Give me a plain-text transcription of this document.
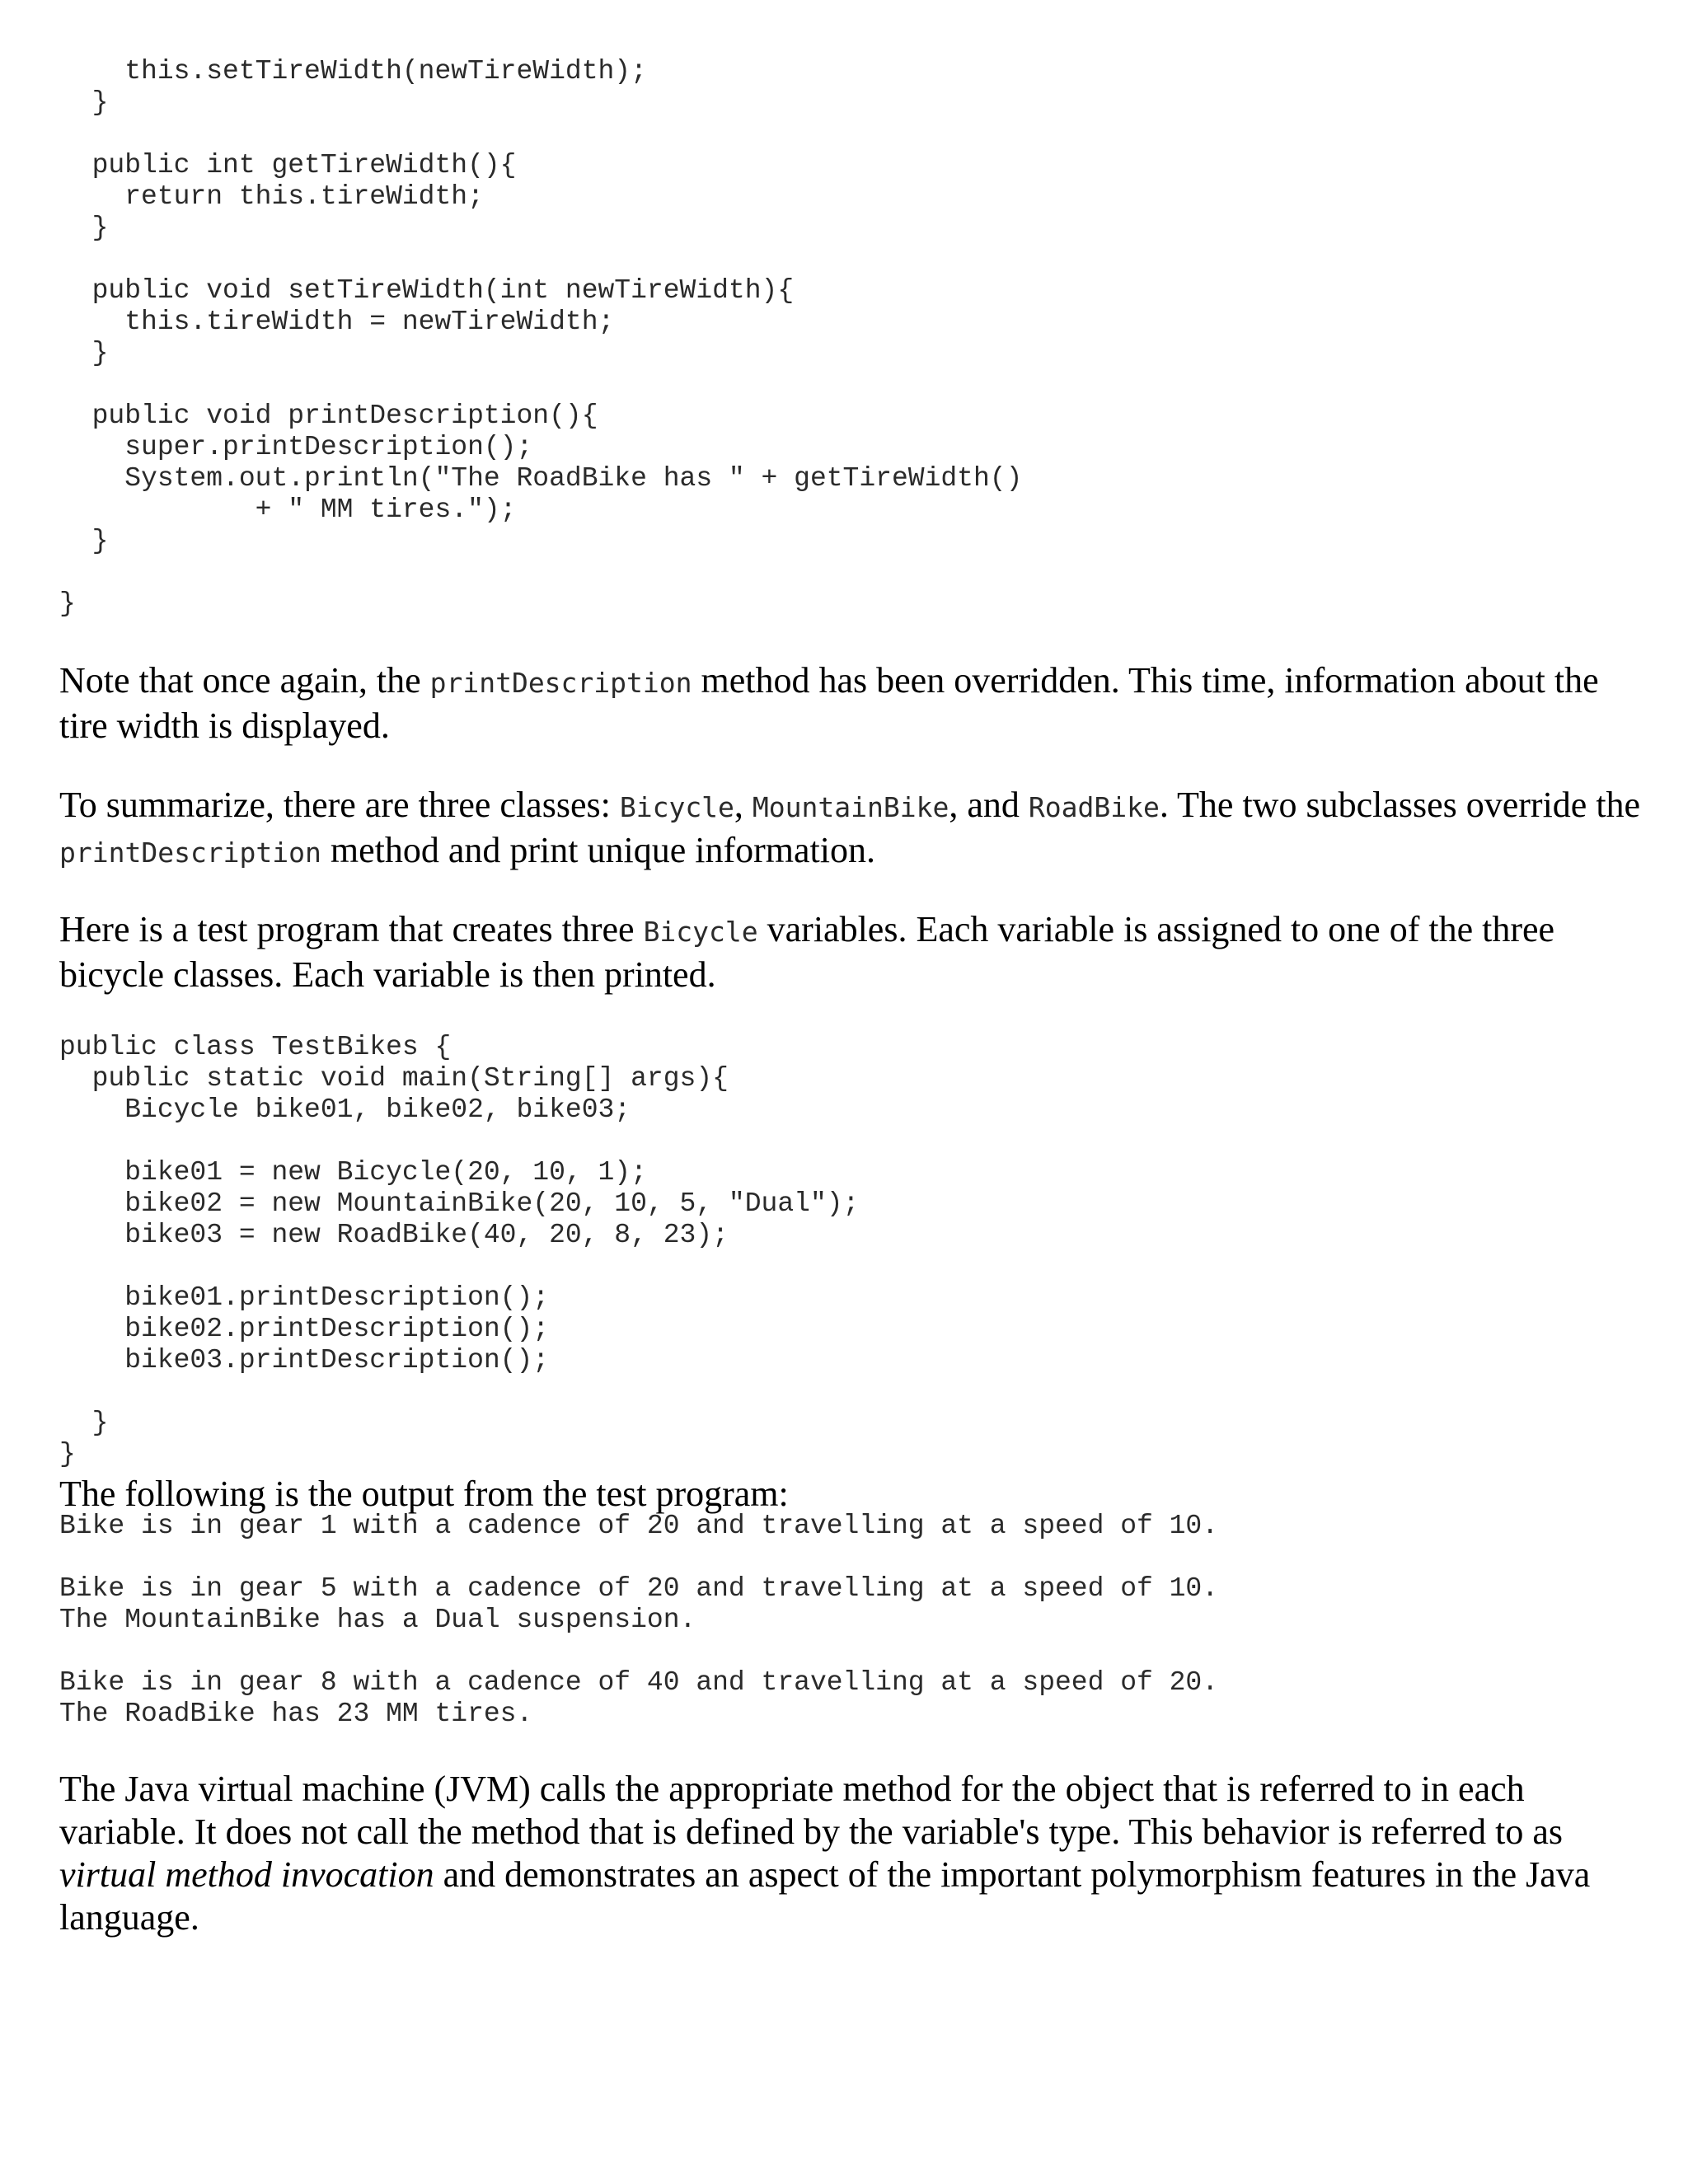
this.setTireWidth(newTireWidth);
}

public int getTireWidth(){
return this.tireWidth;
}

public void setTireWidth(int newTireWidth){
this.tireWidth = newTireWidth;
}

public void printDescription(){
super.printDescription();
System.out.println("The RoadBike has " + getTireWidth()
+ " MM tires.");
}

}

Note that once again, the printDescription method has been overridden. This time, information about the tire width is displayed.

To summarize, there are three classes: Bicycle, MountainBike, and RoadBike. The two subclasses override the printDescription method and print unique information.

Here is a test program that creates three Bicycle variables. Each variable is assigned to one of the three bicycle classes. Each variable is then printed.

public class TestBikes {
public static void main(String[] args){
Bicycle bike01, bike02, bike03;

bike01 = new Bicycle(20, 10, 1);
bike02 = new MountainBike(20, 10, 5, "Dual");
bike03 = new RoadBike(40, 20, 8, 23);

bike01.printDescription();
bike02.printDescription();
bike03.printDescription();

}
}

The following is the output from the test program:

Bike is in gear 1 with a cadence of 20 and travelling at a speed of 10.

Bike is in gear 5 with a cadence of 20 and travelling at a speed of 10.
The MountainBike has a Dual suspension.

Bike is in gear 8 with a cadence of 40 and travelling at a speed of 20.
The RoadBike has 23 MM tires.

The Java virtual machine (JVM) calls the appropriate method for the object that is referred to in each variable. It does not call the method that is defined by the variable's type. This behavior is referred to as virtual method invocation and demonstrates an aspect of the important polymorphism features in the Java language.
